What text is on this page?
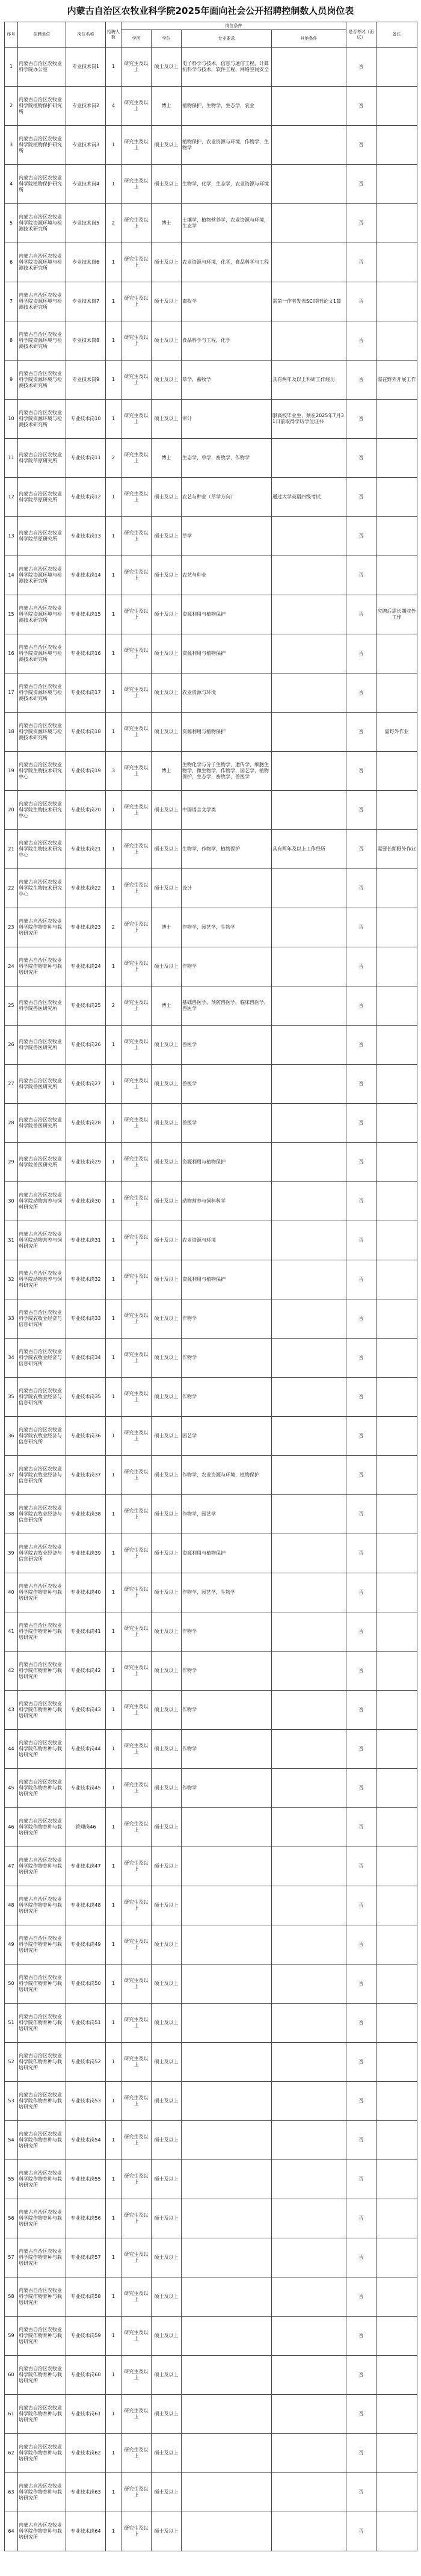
内蒙古自治区农牧业科学院2025年面向社会公开招聘控制数人员岗位表
序号	招聘单位	岗位名称	招聘人数	岗位条件				是否考试（面试）	备注
				学历	学位	专业要求	其他条件		
1	内蒙古自治区农牧业科学院办公室	专业技术岗1	1	研究生及以上	硕士及以上	电子科学与技术，信息与通信工程，计算机科学与技术，软件工程，网络空间安全		否	
2	内蒙古自治区农牧业科学院植物保护研究所	专业技术岗2	4	研究生及以上	博士	植物保护，生物学，生态学，农业		否	
3	内蒙古自治区农牧业科学院植物保护研究所	专业技术岗3	1	研究生及以上	硕士及以上	植物保护，农业资源与环境，作物学，生物学		否	
4	内蒙古自治区农牧业科学院植物保护研究所	专业技术岗4	1	研究生及以上	硕士及以上	生物学，化学，生态学，农业资源与环境		否	
5	内蒙古自治区农牧业科学院资源环境与检测技术研究所	专业技术岗5	2	研究生及以上	博士	土壤学，植物营养学，农业资源与环境，生态学		否	
6	内蒙古自治区农牧业科学院资源环境与检测技术研究所	专业技术岗6	1	研究生及以上	硕士及以上	农业资源与环境，化学，食品科学与工程		否	
7	内蒙古自治区农牧业科学院资源环境与检测技术研究所	专业技术岗7	1	研究生及以上	硕士及以上	畜牧学	需第一作者发表SCI期刊论文1篇	否	
8	内蒙古自治区农牧业科学院资源环境与检测技术研究所	专业技术岗8	1	研究生及以上	硕士及以上	食品科学与工程，化学		否	
9	内蒙古自治区农牧业科学院资源环境与检测技术研究所	专业技术岗9	1	研究生及以上	硕士及以上	草学，畜牧学	具有两年及以上科研工作经历	否	需在野外开展工作
10	内蒙古自治区农牧业科学院资源环境与检测技术研究所	专业技术岗10	1	研究生及以上	硕士及以上	审计	限高校毕业生，须在2025年7月31日前取得学历学位证书	否	
11	内蒙古自治区农牧业科学院草原研究所	专业技术岗11	2	研究生及以上	博士	生态学，草学，畜牧学，作物学		否	
12	内蒙古自治区农牧业科学院草原研究所	专业技术岗12	1	研究生及以上	硕士及以上	农艺与种业（草学方向）	通过大学英语四级考试	否	
13	内蒙古自治区农牧业科学院草原研究所	专业技术岗13	1	研究生及以上	硕士及以上	草学		否	
14	内蒙古自治区农牧业科学院资源环境与检测技术研究所	专业技术岗14	1	研究生及以上	硕士及以上	农艺与种业		否	
15	内蒙古自治区农牧业科学院资源环境与检测技术研究所	专业技术岗15	1	研究生及以上	硕士及以上	资源利用与植物保护		否	应聘后需长期驻外工作
16	内蒙古自治区农牧业科学院资源环境与检测技术研究所	专业技术岗16	1	研究生及以上	硕士及以上	资源利用与植物保护		否	
17	内蒙古自治区农牧业科学院资源环境与检测技术研究所	专业技术岗17	1	研究生及以上	硕士及以上	农业资源与环境		否	
18	内蒙古自治区农牧业科学院资源环境与检测技术研究所	专业技术岗18	1	研究生及以上	硕士及以上	资源利用与植物保护		否	需野外作业
19	内蒙古自治区农牧业科学院生物技术研究中心	专业技术岗19	3	研究生及以上	博士	生物化学与分子生物学，遗传学，细胞生物学，微生物学，作物学，园艺学，植物保护，生态学，畜牧学，兽医学		否	
20	内蒙古自治区农牧业科学院生物技术研究中心	专业技术岗20	1	研究生及以上	硕士及以上	中国语言文学类		否	
21	内蒙古自治区农牧业科学院生物技术研究中心	专业技术岗21	1	研究生及以上	硕士及以上	生物学，作物学，植物保护	具有两年及以上工作经历	否	需要长期野外作业
22	内蒙古自治区农牧业科学院生物技术研究中心	专业技术岗22	1	研究生及以上	硕士及以上	设计		否	
23	内蒙古自治区农牧业科学院作物育种与栽培研究所	专业技术岗23	2	研究生及以上	博士	作物学，园艺学，生物学		否	
24	内蒙古自治区农牧业科学院作物育种与栽培研究所	专业技术岗24	1	研究生及以上	硕士及以上	作物学		否	
25	内蒙古自治区农牧业科学院兽医研究所	专业技术岗25	2	研究生及以上	博士	基础兽医学，预防兽医学，临床兽医学，兽医学		否	
26	内蒙古自治区农牧业科学院兽医研究所	专业技术岗26	1	研究生及以上	硕士及以上	兽医学		否	
27	内蒙古自治区农牧业科学院兽医研究所	专业技术岗27	1	研究生及以上	硕士及以上	兽医学		否	
28	内蒙古自治区农牧业科学院兽医研究所	专业技术岗28	1	研究生及以上	硕士及以上	兽医学		否	
29	内蒙古自治区农牧业科学院兽医研究所	专业技术岗29	1	研究生及以上	硕士及以上	资源利用与植物保护		否	
30	内蒙古自治区农牧业科学院动物营养与饲料研究所	专业技术岗30	1	研究生及以上	硕士及以上	动物营养与饲料科学		否	
31	内蒙古自治区农牧业科学院动物营养与饲料研究所	专业技术岗31	1	研究生及以上	硕士及以上	农业资源与环境		否	
32	内蒙古自治区农牧业科学院动物营养与饲料研究所	专业技术岗32	1	研究生及以上	硕士及以上	资源利用与植物保护		否	
33	内蒙古自治区农牧业科学院农牧业经济与信息研究所	专业技术岗33	1	研究生及以上	硕士及以上	作物学		否	
34	内蒙古自治区农牧业科学院农牧业经济与信息研究所	专业技术岗34	1	研究生及以上	硕士及以上	作物学		否	
35	内蒙古自治区农牧业科学院农牧业经济与信息研究所	专业技术岗35	1	研究生及以上	硕士及以上	作物学		否	
36	内蒙古自治区农牧业科学院农牧业经济与信息研究所	专业技术岗36	1	研究生及以上	硕士及以上	园艺学		否	
37	内蒙古自治区农牧业科学院农牧业经济与信息研究所	专业技术岗37	1	研究生及以上	硕士及以上	作物学，农业资源与环境，植物保护		否	
38	内蒙古自治区农牧业科学院农牧业经济与信息研究所	专业技术岗38	1	研究生及以上	硕士及以上	作物学，园艺学		否	
39	内蒙古自治区农牧业科学院农牧业经济与信息研究所	专业技术岗39	1	研究生及以上	硕士及以上	资源利用与植物保护		否	
40	内蒙古自治区农牧业科学院作物育种与栽培研究所	专业技术岗40	1	研究生及以上	硕士及以上	作物学，园艺学，生物学		否	
41	内蒙古自治区农牧业科学院作物育种与栽培研究所	专业技术岗41	1	研究生及以上	硕士及以上	作物学		否	
42	内蒙古自治区农牧业科学院作物育种与栽培研究所	专业技术岗42	1	研究生及以上	硕士及以上	作物学		否	
43	内蒙古自治区农牧业科学院作物育种与栽培研究所	专业技术岗43	1	研究生及以上	硕士及以上	作物学		否	
44	内蒙古自治区农牧业科学院作物育种与栽培研究所	专业技术岗44	1	研究生及以上	硕士及以上	作物学		否	
45	内蒙古自治区农牧业科学院作物育种与栽培研究所	专业技术岗45	1	研究生及以上	硕士及以上	作物学		否	
46	内蒙古自治区农牧业科学院作物育种与栽培研究所	管理岗46	1	研究生及以上	硕士及以上			否	
47	内蒙古自治区农牧业科学院作物育种与栽培研究所	专业技术岗47	1	研究生及以上	硕士及以上			否	
48	内蒙古自治区农牧业科学院作物育种与栽培研究所	专业技术岗48	1	研究生及以上	硕士及以上			否	
49	内蒙古自治区农牧业科学院作物育种与栽培研究所	专业技术岗49	1	研究生及以上	硕士及以上			否	
50	内蒙古自治区农牧业科学院作物育种与栽培研究所	专业技术岗50	1	研究生及以上	硕士及以上			否	
51	内蒙古自治区农牧业科学院作物育种与栽培研究所	专业技术岗51	1	研究生及以上	硕士及以上			否	
52	内蒙古自治区农牧业科学院作物育种与栽培研究所	专业技术岗52	1	研究生及以上	硕士及以上			否	
53	内蒙古自治区农牧业科学院作物育种与栽培研究所	专业技术岗53	1	研究生及以上	硕士及以上			否	
54	内蒙古自治区农牧业科学院作物育种与栽培研究所	专业技术岗54	1	研究生及以上	硕士及以上			否	
55	内蒙古自治区农牧业科学院作物育种与栽培研究所	专业技术岗55	1	研究生及以上	硕士及以上			否	
56	内蒙古自治区农牧业科学院作物育种与栽培研究所	专业技术岗56	1	研究生及以上	硕士及以上			否	
57	内蒙古自治区农牧业科学院作物育种与栽培研究所	专业技术岗57	1	研究生及以上	硕士及以上			否	
58	内蒙古自治区农牧业科学院作物育种与栽培研究所	专业技术岗58	1	研究生及以上	硕士及以上			否	
59	内蒙古自治区农牧业科学院作物育种与栽培研究所	专业技术岗59	1	研究生及以上	硕士及以上			否	
60	内蒙古自治区农牧业科学院作物育种与栽培研究所	专业技术岗60	1	研究生及以上	硕士及以上			否	
61	内蒙古自治区农牧业科学院作物育种与栽培研究所	专业技术岗61	1	研究生及以上	硕士及以上			否	
62	内蒙古自治区农牧业科学院作物育种与栽培研究所	专业技术岗62	1	研究生及以上	硕士及以上			否	
63	内蒙古自治区农牧业科学院作物育种与栽培研究所	专业技术岗63	1	研究生及以上	硕士及以上			否	
64	内蒙古自治区农牧业科学院作物育种与栽培研究所	专业技术岗64	1	研究生及以上	硕士及以上			否	
